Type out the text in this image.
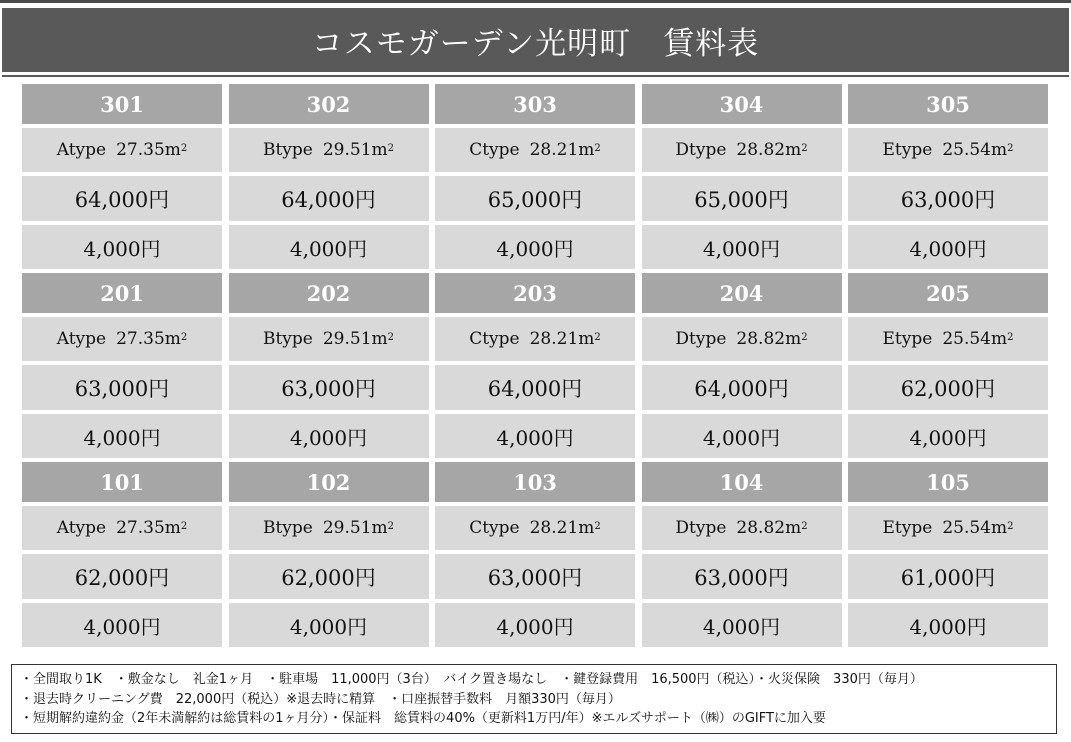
コスモガーデン光明町　賃料表
301	302	303	304	305
Atype 27.35 $m^2$	Btype 29.51 $m^2$	Ctype 28.21 $m^2$	Dtype 28.82 $m^2$	Etype 25.54 $m^2$
64,000円	64,000円	65,000円	65,000円	63,000円
4,000円	4,000円	4,000円	4,000円	4,000円
201	202	203	204	205
Atype 27.35 $m^2$	Btype 29.51 $m^2$	Ctype 28.21 $m^2$	Dtype 28.82 $m^2$	Etype 25.54 $m^2$
63,000円	63,000円	64,000円	64,000円	62,000円
4,000円	4,000円	4,000円	4,000円	4,000円
101	102	103	104	105
Atype 27.35 $m^2$	Btype 29.51 $m^2$	Ctype 28.21 $m^2$	Dtype 28.82 $m^2$	Etype 25.54 $m^2$
62,000円	62,000円	63,000円	63,000円	61,000円
4,000円	4,000円	4,000円	4,000円	4,000円
・全間取り1K　・敷金なし　礼金1ヶ月　・駐車場　11,000円（3台）　バイク置き場なし　・鍵登録費用　16,500円（税込）・火災保険　330円（毎月）
・退去時クリーニング費　22,000円（税込）※退去時に精算　・口座振替手数料　月額330円（毎月）
・短期解約違約金（2年未満解約は総賃料の1ヶ月分）・保証料　総賃料の40%（更新料1万円/年）※エルズサポート（㈱）のGIFTに加入要
